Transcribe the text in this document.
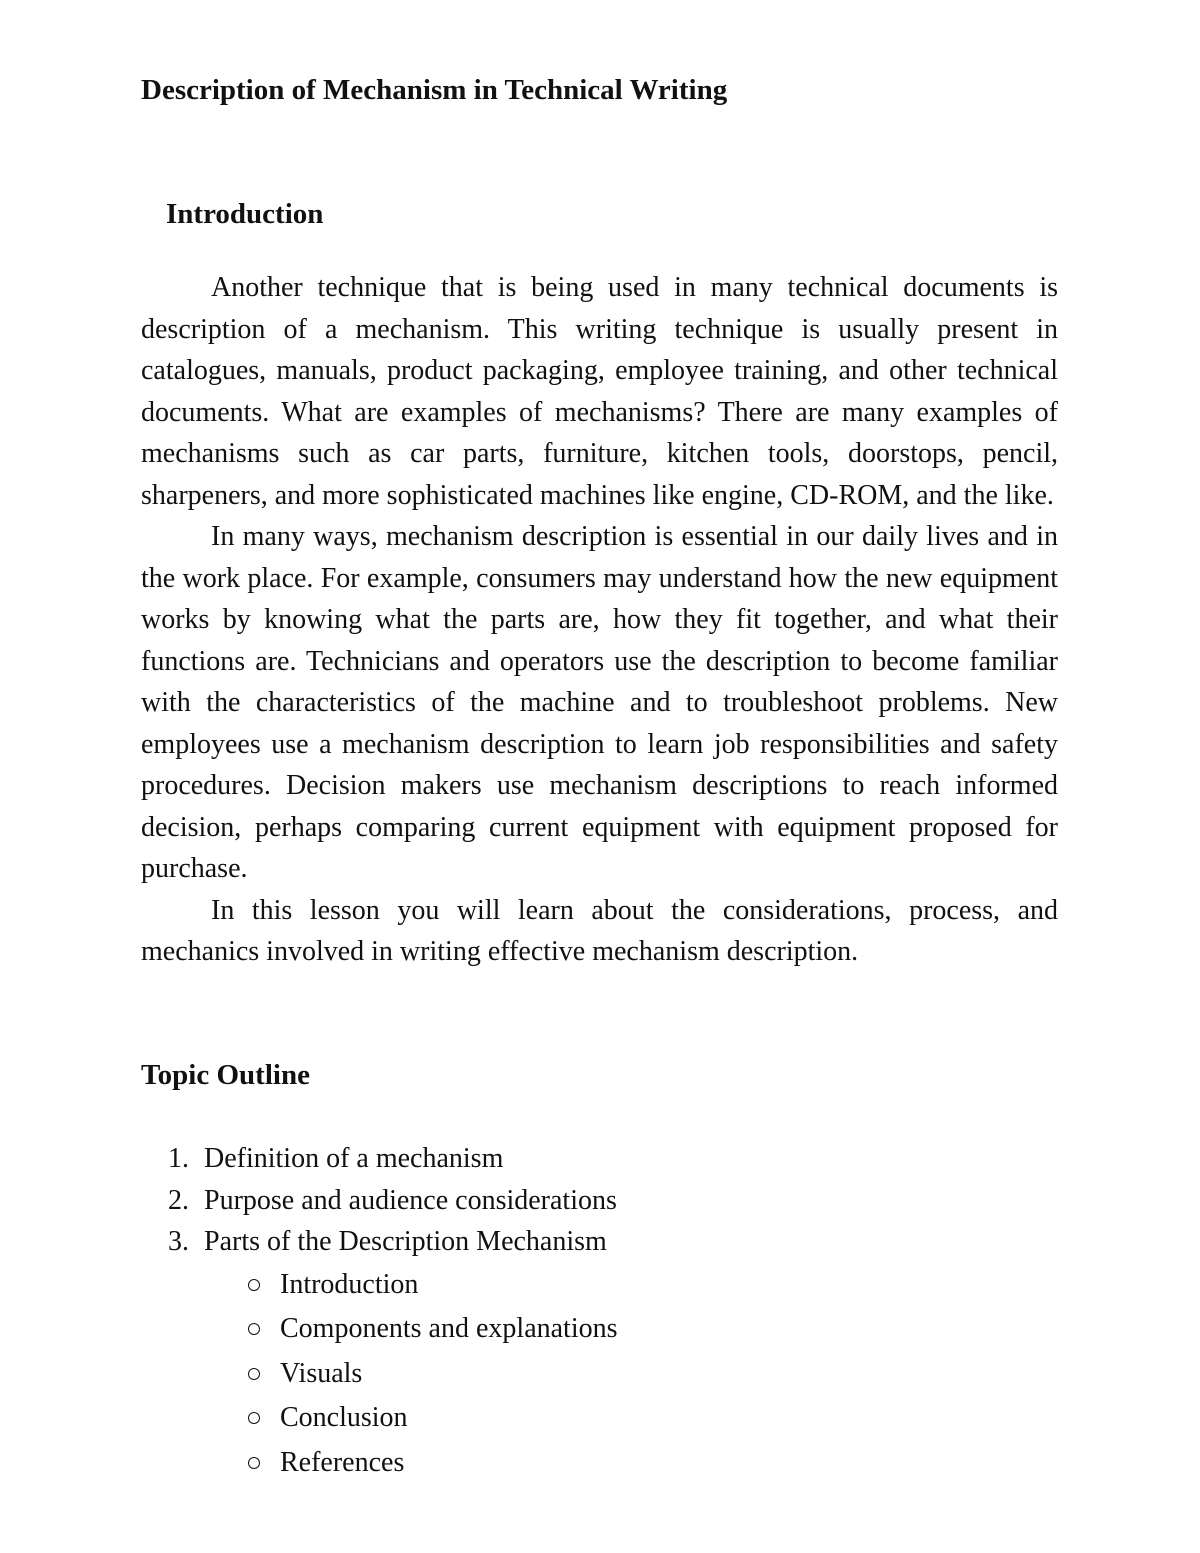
Description of Mechanism in Technical Writing
Introduction

Another technique that is being used in many technical documents is description of a mechanism. This writing technique is usually present in catalogues, manuals, product packaging, employee training, and other technical documents. What are examples of mechanisms? There are many examples of mechanisms such as car parts, furniture, kitchen tools, doorstops, pencil, sharpeners, and more sophisticated machines like engine, CD-ROM, and the like.

In many ways, mechanism description is essential in our daily lives and in the work place. For example, consumers may understand how the new equipment works by knowing what the parts are, how they fit together, and what their functions are. Technicians and operators use the description to become familiar with the characteristics of the machine and to troubleshoot problems. New employees use a mechanism description to learn job responsibilities and safety procedures. Decision makers use mechanism descriptions to reach informed decision, perhaps comparing current equipment with equipment proposed for purchase.

In this lesson you will learn about the considerations, process, and mechanics involved in writing effective mechanism description.

Topic Outline
1. Definition of a mechanism
2. Purpose and audience considerations
3. Parts of the Description Mechanism
Introduction
Components and explanations
Visuals
Conclusion
References
